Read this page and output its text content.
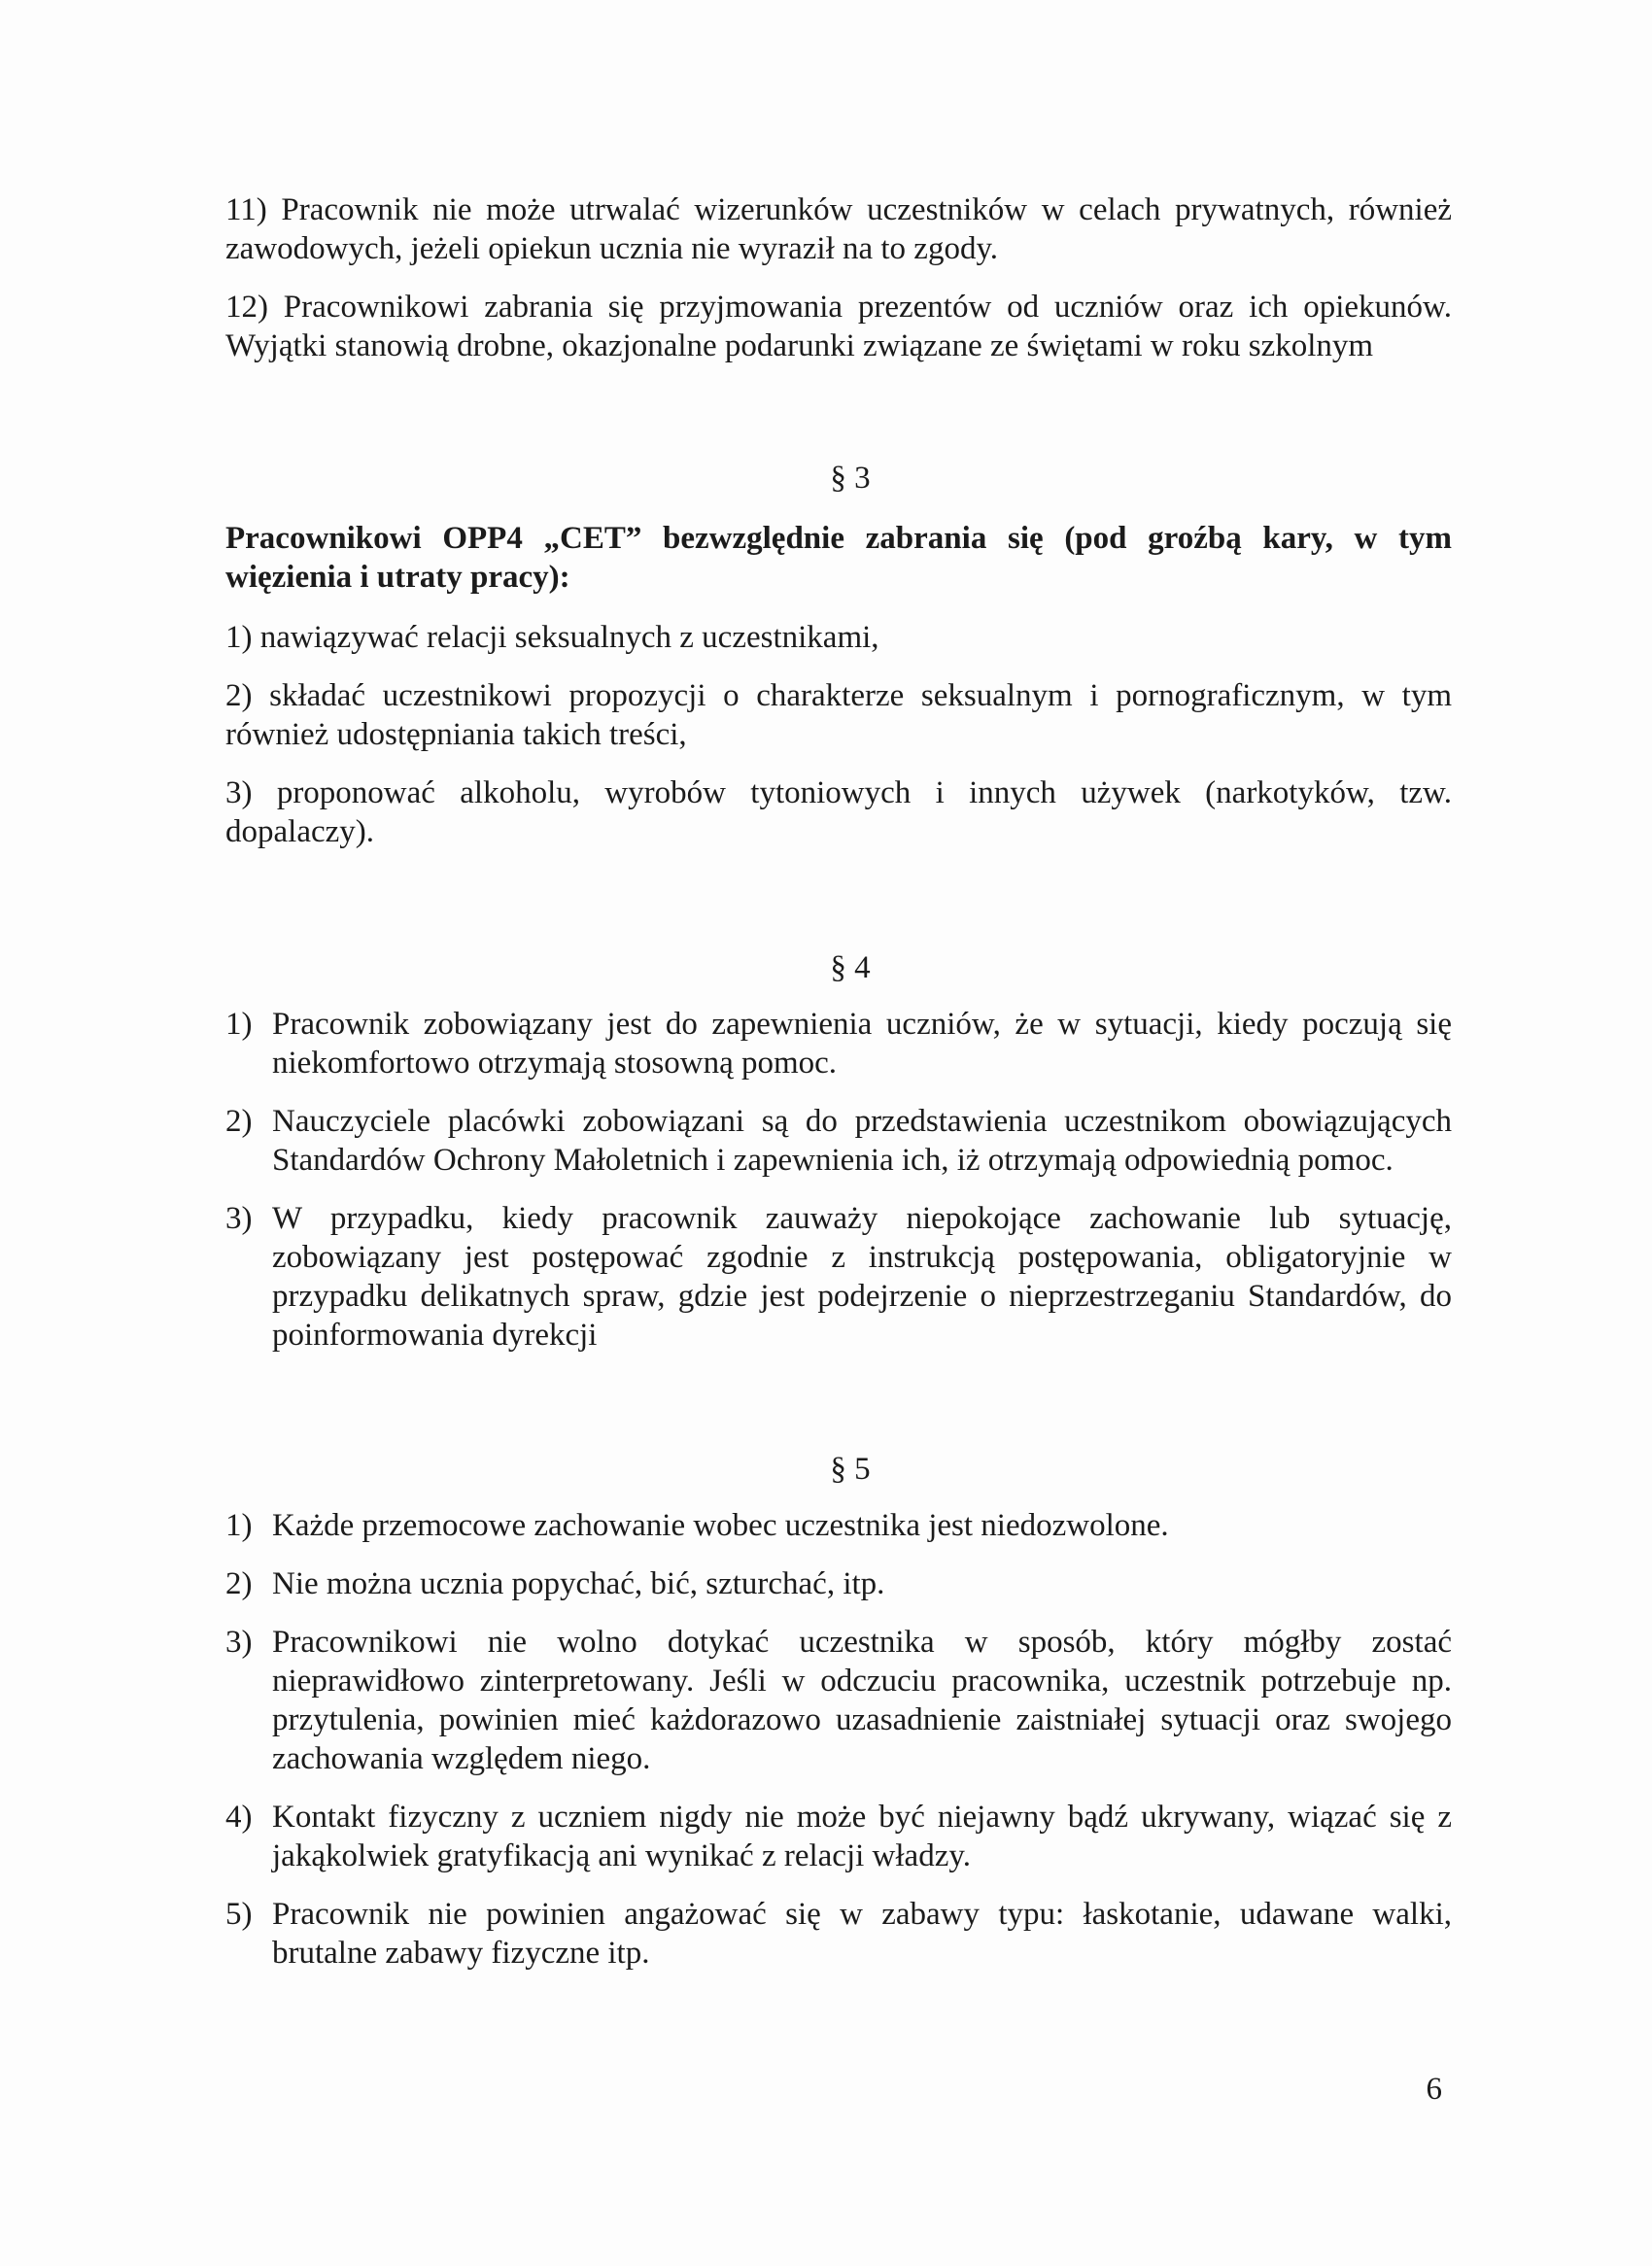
11) Pracownik nie może utrwalać wizerunków uczestników w celach prywatnych, również zawodowych, jeżeli opiekun ucznia nie wyraził na to zgody.

12) Pracownikowi zabrania się przyjmowania prezentów od uczniów oraz ich opiekunów. Wyjątki stanowią drobne, okazjonalne podarunki związane ze świętami w roku szkolnym

§ 3
Pracownikowi OPP4 „CET” bezwzględnie zabrania się (pod groźbą kary, w tym więzienia i utraty pracy):

1) nawiązywać relacji seksualnych z uczestnikami,

2) składać uczestnikowi propozycji o charakterze seksualnym i pornograficznym, w tym również udostępniania takich treści,

3) proponować alkoholu, wyrobów tytoniowych i innych używek (narkotyków, tzw. dopalaczy).

§ 4
1) Pracownik zobowiązany jest do zapewnienia uczniów, że w sytuacji, kiedy poczują się niekomfortowo otrzymają stosowną pomoc.
2) Nauczyciele placówki zobowiązani są do przedstawienia uczestnikom obowiązujących Standardów Ochrony Małoletnich i zapewnienia ich, iż otrzymają odpowiednią pomoc.
3) W przypadku, kiedy pracownik zauważy niepokojące zachowanie lub sytuację, zobowiązany jest postępować zgodnie z instrukcją postępowania, obligatoryjnie w przypadku delikatnych spraw, gdzie jest podejrzenie o nieprzestrzeganiu Standardów, do poinformowania dyrekcji
§ 5
1) Każde przemocowe zachowanie wobec uczestnika jest niedozwolone.
2) Nie można ucznia popychać, bić, szturchać, itp.
3) Pracownikowi nie wolno dotykać uczestnika w sposób, który mógłby zostać nieprawidłowo zinterpretowany. Jeśli w odczuciu pracownika, uczestnik potrzebuje np. przytulenia, powinien mieć każdorazowo uzasadnienie zaistniałej sytuacji oraz swojego zachowania względem niego.
4) Kontakt fizyczny z uczniem nigdy nie może być niejawny bądź ukrywany, wiązać się z jakąkolwiek gratyfikacją ani wynikać z relacji władzy.
5) Pracownik nie powinien angażować się w zabawy typu: łaskotanie, udawane walki, brutalne zabawy fizyczne itp.
6
